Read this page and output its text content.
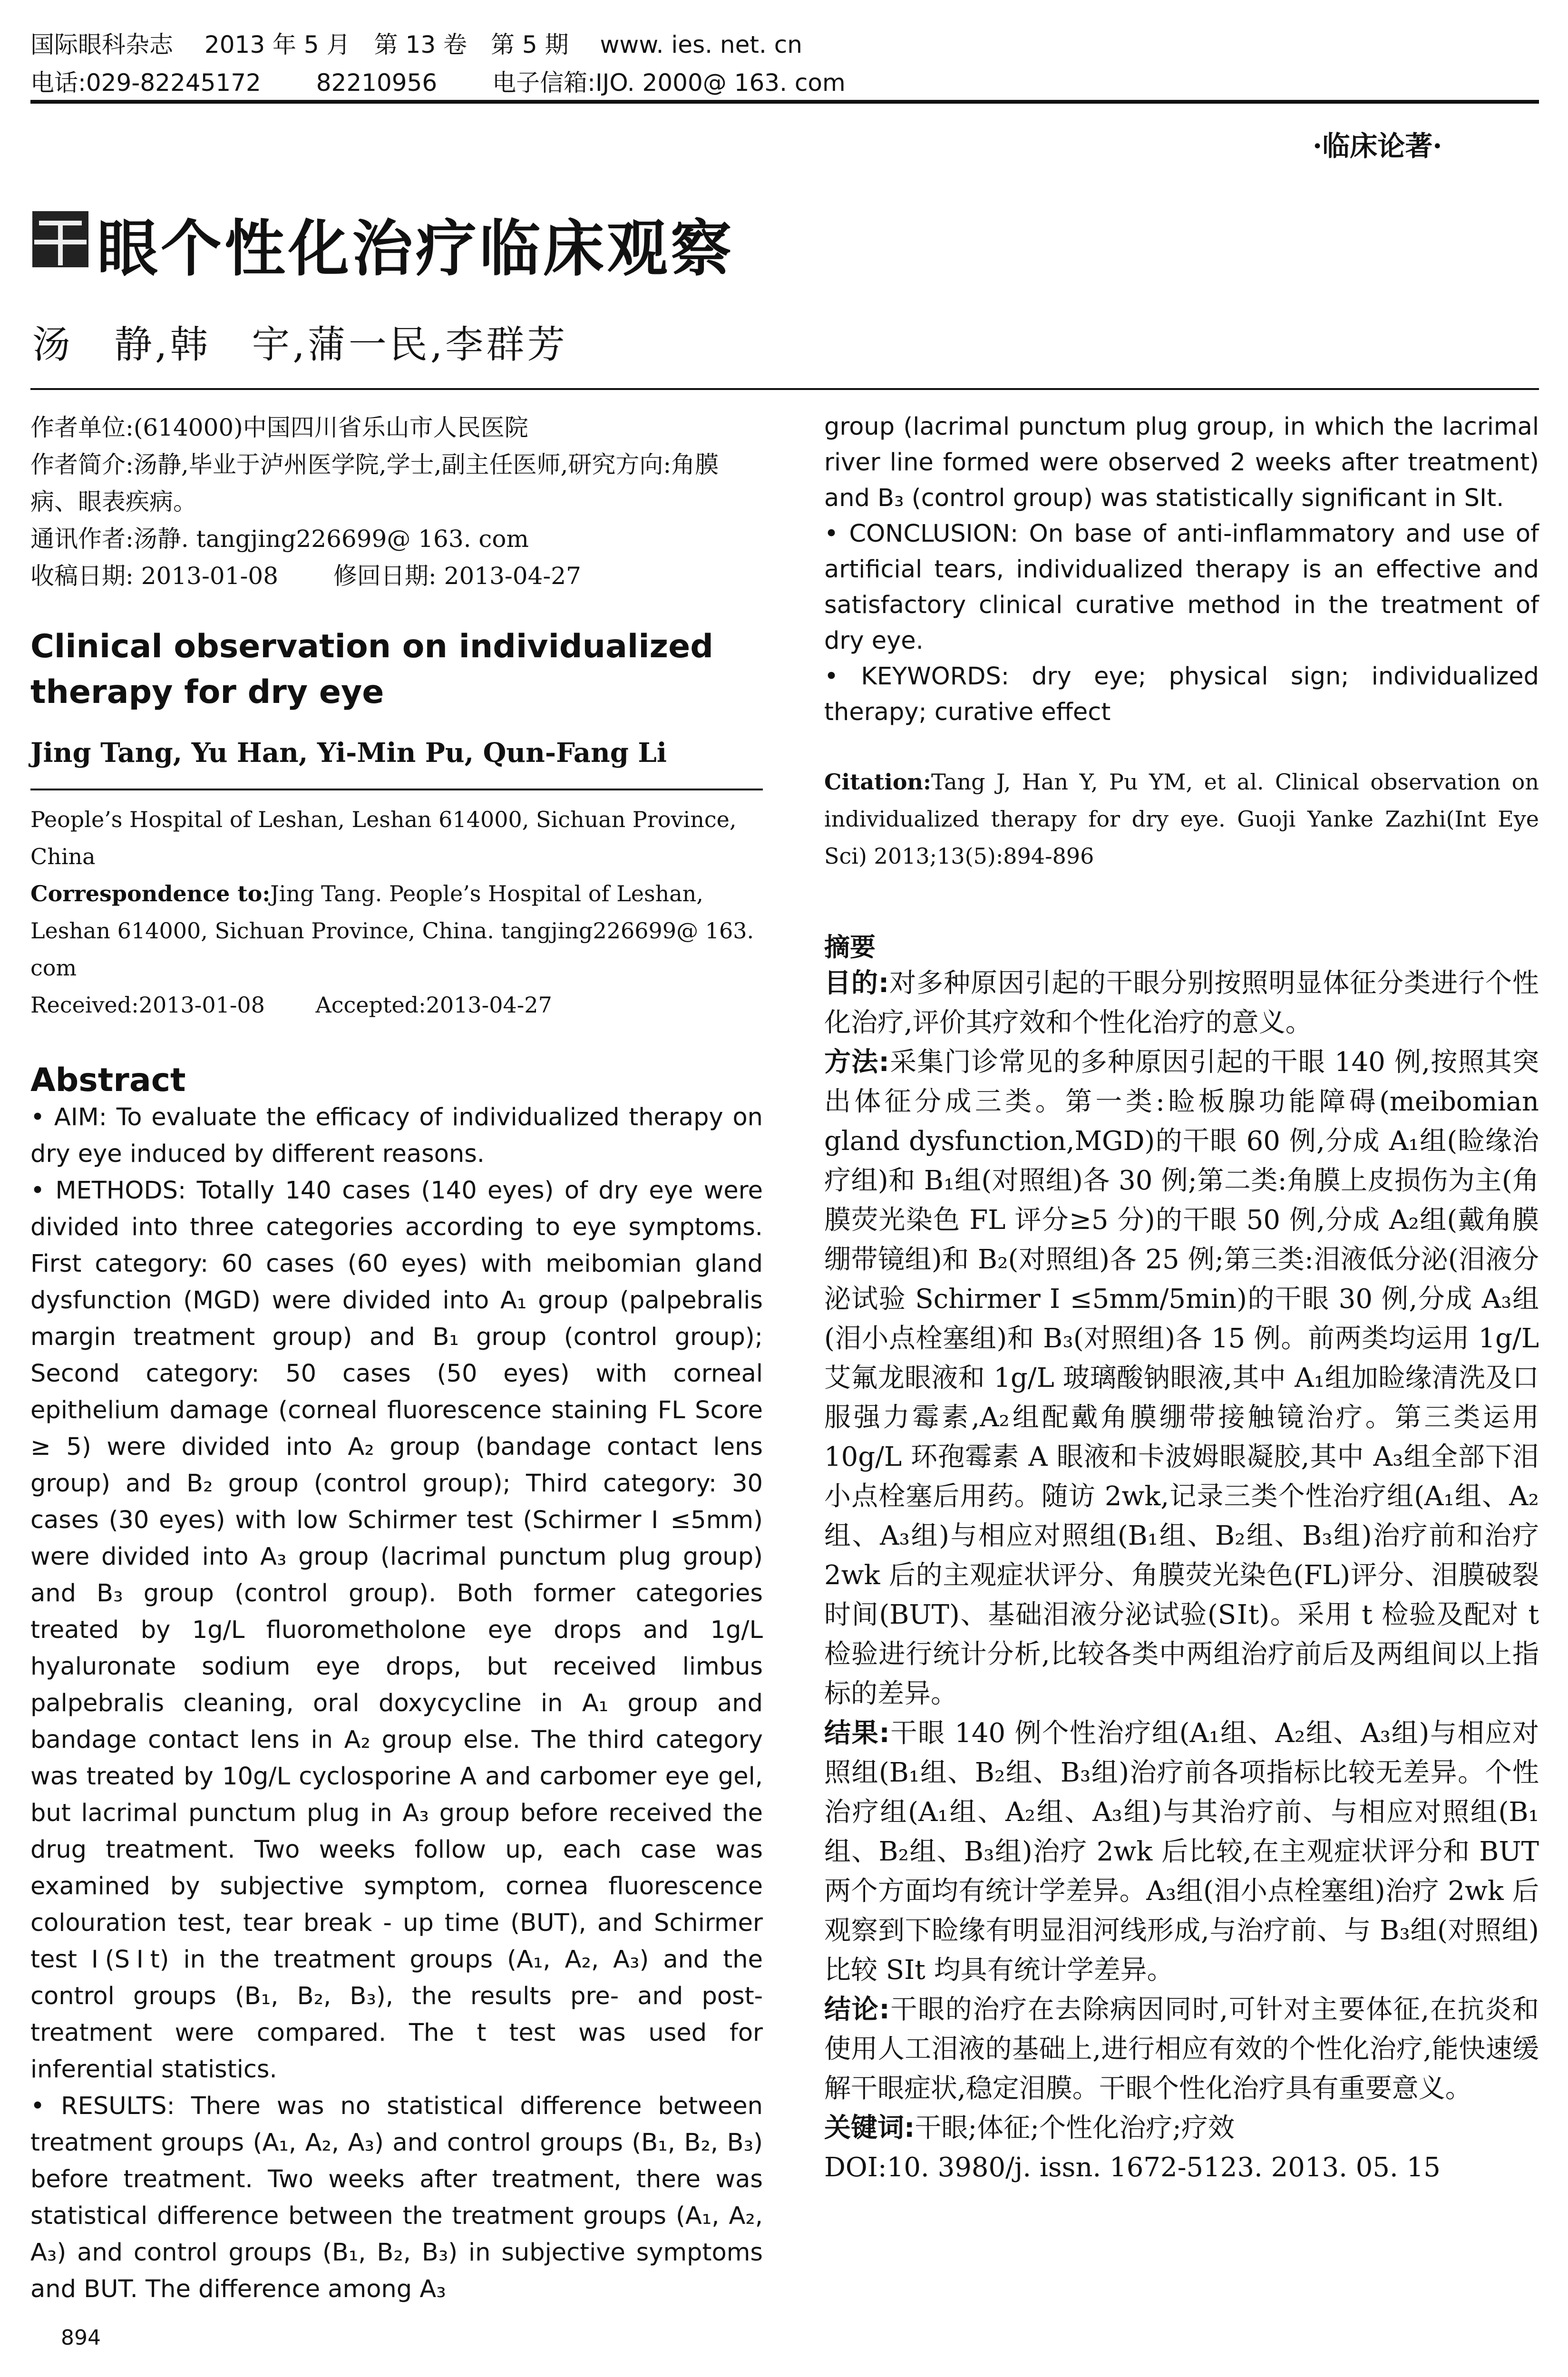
国际眼科杂志　 2013 年 5 月　第 13 卷　第 5 期　 www. ies. net. cn
电话:029-82245172　　 82210956　　 电子信箱:IJO. 2000@ 163. com
·临床论著·
眼个性化治疗临床观察
汤　静,韩　宇,蒲一民,李群芳
作者单位:(614000)中国四川省乐山市人民医院
作者简介:汤静,毕业于泸州医学院,学士,副主任医师,研究方向:角膜病、眼表疾病。
通讯作者:汤静. tangjing226699@ 163. com
收稿日期: 2013-01-08　　 修回日期: 2013-04-27
Clinical observation on individualized therapy for dry eye
Jing Tang, Yu Han, Yi-Min Pu, Qun-Fang Li
People’s Hospital of Leshan, Leshan 614000, Sichuan Province, China
Correspondence to:Jing Tang. People’s Hospital of Leshan, Leshan 614000, Sichuan Province, China. tangjing226699@ 163. com
Received:2013-01-08　　 Accepted:2013-04-27
Abstract

• AIM: To evaluate the efficacy of individualized therapy on dry eye induced by different reasons.

• METHODS: Totally 140 cases (140 eyes) of dry eye were divided into three categories according to eye symptoms. First category: 60 cases (60 eyes) with meibomian gland dysfunction (MGD) were divided into A₁ group (palpebralis margin treatment group) and B₁ group (control group); Second category: 50 cases (50 eyes) with corneal epithelium damage (corneal fluorescence staining FL Score ≥ 5) were divided into A₂ group (bandage contact lens group) and B₂ group (control group); Third category: 30 cases (30 eyes) with low Schirmer test (Schirmer Ⅰ ≤5mm) were divided into A₃ group (lacrimal punctum plug group) and B₃ group (control group). Both former categories treated by 1g/L fluorometholone eye drops and 1g/L hyaluronate sodium eye drops, but received limbus palpebralis cleaning, oral doxycycline in A₁ group and bandage contact lens in A₂ group else. The third category was treated by 10g/L cyclosporine A and carbomer eye gel, but lacrimal punctum plug in A₃ group before received the drug treatment. Two weeks follow up, each case was examined by subjective symptom, cornea fluorescence colouration test, tear break - up time (BUT), and Schirmer test Ⅰ(SⅠt) in the treatment groups (A₁, A₂, A₃) and the control groups (B₁, B₂, B₃), the results pre- and post-treatment were compared. The t test was used for inferential statistics.

• RESULTS: There was no statistical difference between treatment groups (A₁, A₂, A₃) and control groups (B₁, B₂, B₃) before treatment. Two weeks after treatment, there was statistical difference between the treatment groups (A₁, A₂, A₃) and control groups (B₁, B₂, B₃) in subjective symptoms and BUT. The difference among A₃

894

group (lacrimal punctum plug group, in which the lacrimal river line formed were observed 2 weeks after treatment) and B₃ (control group) was statistically significant in SⅠt.

• CONCLUSION: On base of anti-inflammatory and use of artificial tears, individualized therapy is an effective and satisfactory clinical curative method in the treatment of dry eye.

• KEYWORDS: dry eye; physical sign; individualized therapy; curative effect

Citation:Tang J, Han Y, Pu YM, et al. Clinical observation on individualized therapy for dry eye. Guoji Yanke Zazhi(Int Eye Sci) 2013;13(5):894-896
摘要

目的:对多种原因引起的干眼分别按照明显体征分类进行个性化治疗,评价其疗效和个性化治疗的意义。

方法:采集门诊常见的多种原因引起的干眼 140 例,按照其突出体征分成三类。第一类:睑板腺功能障碍(meibomian gland dysfunction,MGD)的干眼 60 例,分成 A₁组(睑缘治疗组)和 B₁组(对照组)各 30 例;第二类:角膜上皮损伤为主(角膜荧光染色 FL 评分≥5 分)的干眼 50 例,分成 A₂组(戴角膜绷带镜组)和 B₂(对照组)各 25 例;第三类:泪液低分泌(泪液分泌试验 Schirmer Ⅰ ≤5mm/5min)的干眼 30 例,分成 A₃组(泪小点栓塞组)和 B₃(对照组)各 15 例。前两类均运用 1g/L 艾氟龙眼液和 1g/L 玻璃酸钠眼液,其中 A₁组加睑缘清洗及口服强力霉素,A₂组配戴角膜绷带接触镜治疗。第三类运用 10g/L 环孢霉素 A 眼液和卡波姆眼凝胶,其中 A₃组全部下泪小点栓塞后用药。随访 2wk,记录三类个性治疗组(A₁组、A₂组、A₃组)与相应对照组(B₁组、B₂组、B₃组)治疗前和治疗 2wk 后的主观症状评分、角膜荧光染色(FL)评分、泪膜破裂时间(BUT)、基础泪液分泌试验(SⅠt)。采用 t 检验及配对 t 检验进行统计分析,比较各类中两组治疗前后及两组间以上指标的差异。

结果:干眼 140 例个性治疗组(A₁组、A₂组、A₃组)与相应对照组(B₁组、B₂组、B₃组)治疗前各项指标比较无差异。个性治疗组(A₁组、A₂组、A₃组)与其治疗前、与相应对照组(B₁组、B₂组、B₃组)治疗 2wk 后比较,在主观症状评分和 BUT 两个方面均有统计学差异。A₃组(泪小点栓塞组)治疗 2wk 后观察到下睑缘有明显泪河线形成,与治疗前、与 B₃组(对照组)比较 SⅠt 均具有统计学差异。

结论:干眼的治疗在去除病因同时,可针对主要体征,在抗炎和使用人工泪液的基础上,进行相应有效的个性化治疗,能快速缓解干眼症状,稳定泪膜。干眼个性化治疗具有重要意义。

关键词:干眼;体征;个性化治疗;疗效

DOI:10. 3980/j. issn. 1672-5123. 2013. 05. 15
